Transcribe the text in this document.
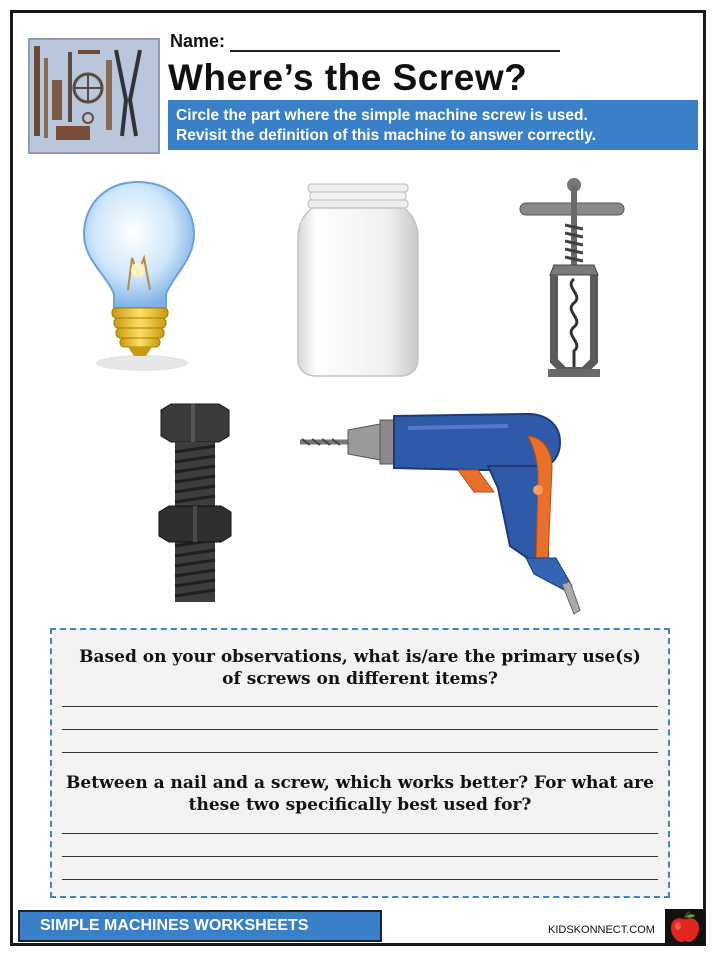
Name:
Where’s the Screw?
Circle the part where the simple machine screw is used.
Revisit the definition of this machine to answer correctly.
Based on your observations, what is/are the primary use(s)
of screws on different items?
Between a nail and a screw, which works better? For what are
these two specifically best used for?
SIMPLE MACHINES WORKSHEETS	KIDSKONNECT.COM
